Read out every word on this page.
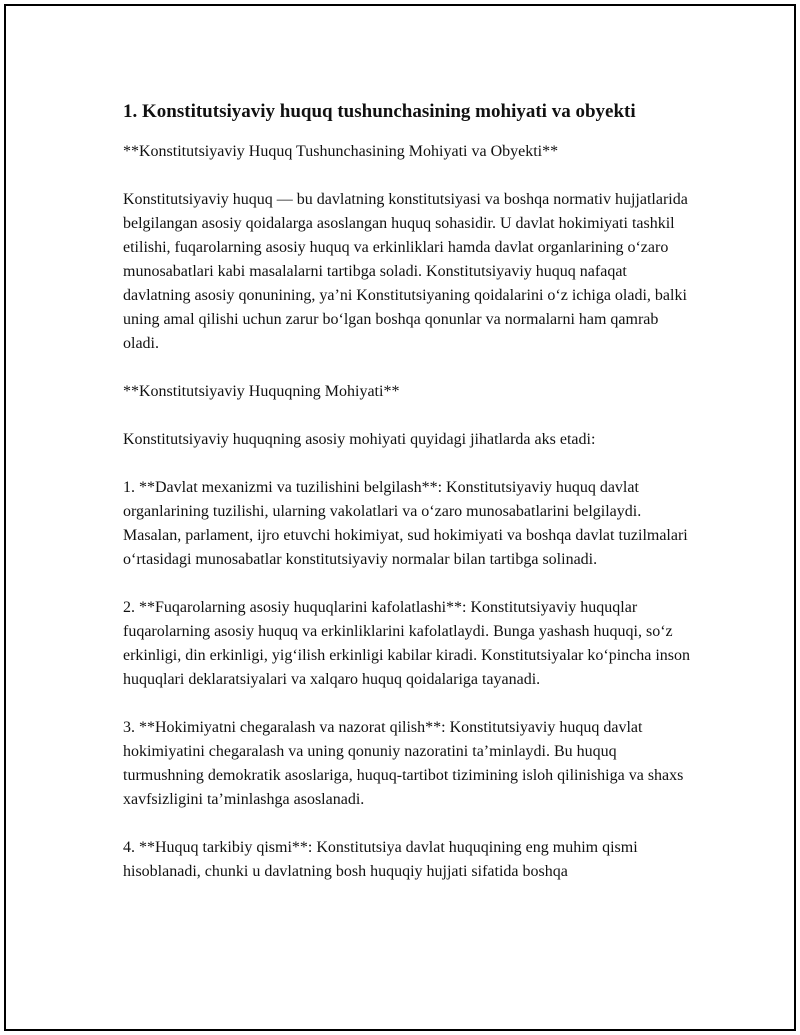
1. Konstitutsiyaviy huquq tushunchasining mohiyati va obyekti

**Konstitutsiyaviy Huquq Tushunchasining Mohiyati va Obyekti**

Konstitutsiyaviy huquq — bu davlatning konstitutsiyasi va boshqa normativ hujjatlarida belgilangan asosiy qoidalarga asoslangan huquq sohasidir. U davlat hokimiyati tashkil etilishi, fuqarolarning asosiy huquq va erkinliklari hamda davlat organlarining o‘zaro munosabatlari kabi masalalarni tartibga soladi. Konstitutsiyaviy huquq nafaqat davlatning asosiy qonunining, ya’ni Konstitutsiyaning qoidalarini o‘z ichiga oladi, balki uning amal qilishi uchun zarur bo‘lgan boshqa qonunlar va normalarni ham qamrab oladi.

**Konstitutsiyaviy Huquqning Mohiyati**

Konstitutsiyaviy huquqning asosiy mohiyati quyidagi jihatlarda aks etadi:

1. **Davlat mexanizmi va tuzilishini belgilash**: Konstitutsiyaviy huquq davlat organlarining tuzilishi, ularning vakolatlari va o‘zaro munosabatlarini belgilaydi. Masalan, parlament, ijro etuvchi hokimiyat, sud hokimiyati va boshqa davlat tuzilmalari o‘rtasidagi munosabatlar konstitutsiyaviy normalar bilan tartibga solinadi.

2. **Fuqarolarning asosiy huquqlarini kafolatlashi**: Konstitutsiyaviy huquqlar fuqarolarning asosiy huquq va erkinliklarini kafolatlaydi. Bunga yashash huquqi, so‘z erkinligi, din erkinligi, yig‘ilish erkinligi kabilar kiradi. Konstitutsiyalar ko‘pincha inson huquqlari deklaratsiyalari va xalqaro huquq qoidalariga tayanadi.

3. **Hokimiyatni chegaralash va nazorat qilish**: Konstitutsiyaviy huquq davlat hokimiyatini chegaralash va uning qonuniy nazoratini ta’minlaydi. Bu huquq turmushning demokratik asoslariga, huquq-tartibot tizimining isloh qilinishiga va shaxs xavfsizligini ta’minlashga asoslanadi.

4. **Huquq tarkibiy qismi**: Konstitutsiya davlat huquqining eng muhim qismi hisoblanadi, chunki u davlatning bosh huquqiy hujjati sifatida boshqa
